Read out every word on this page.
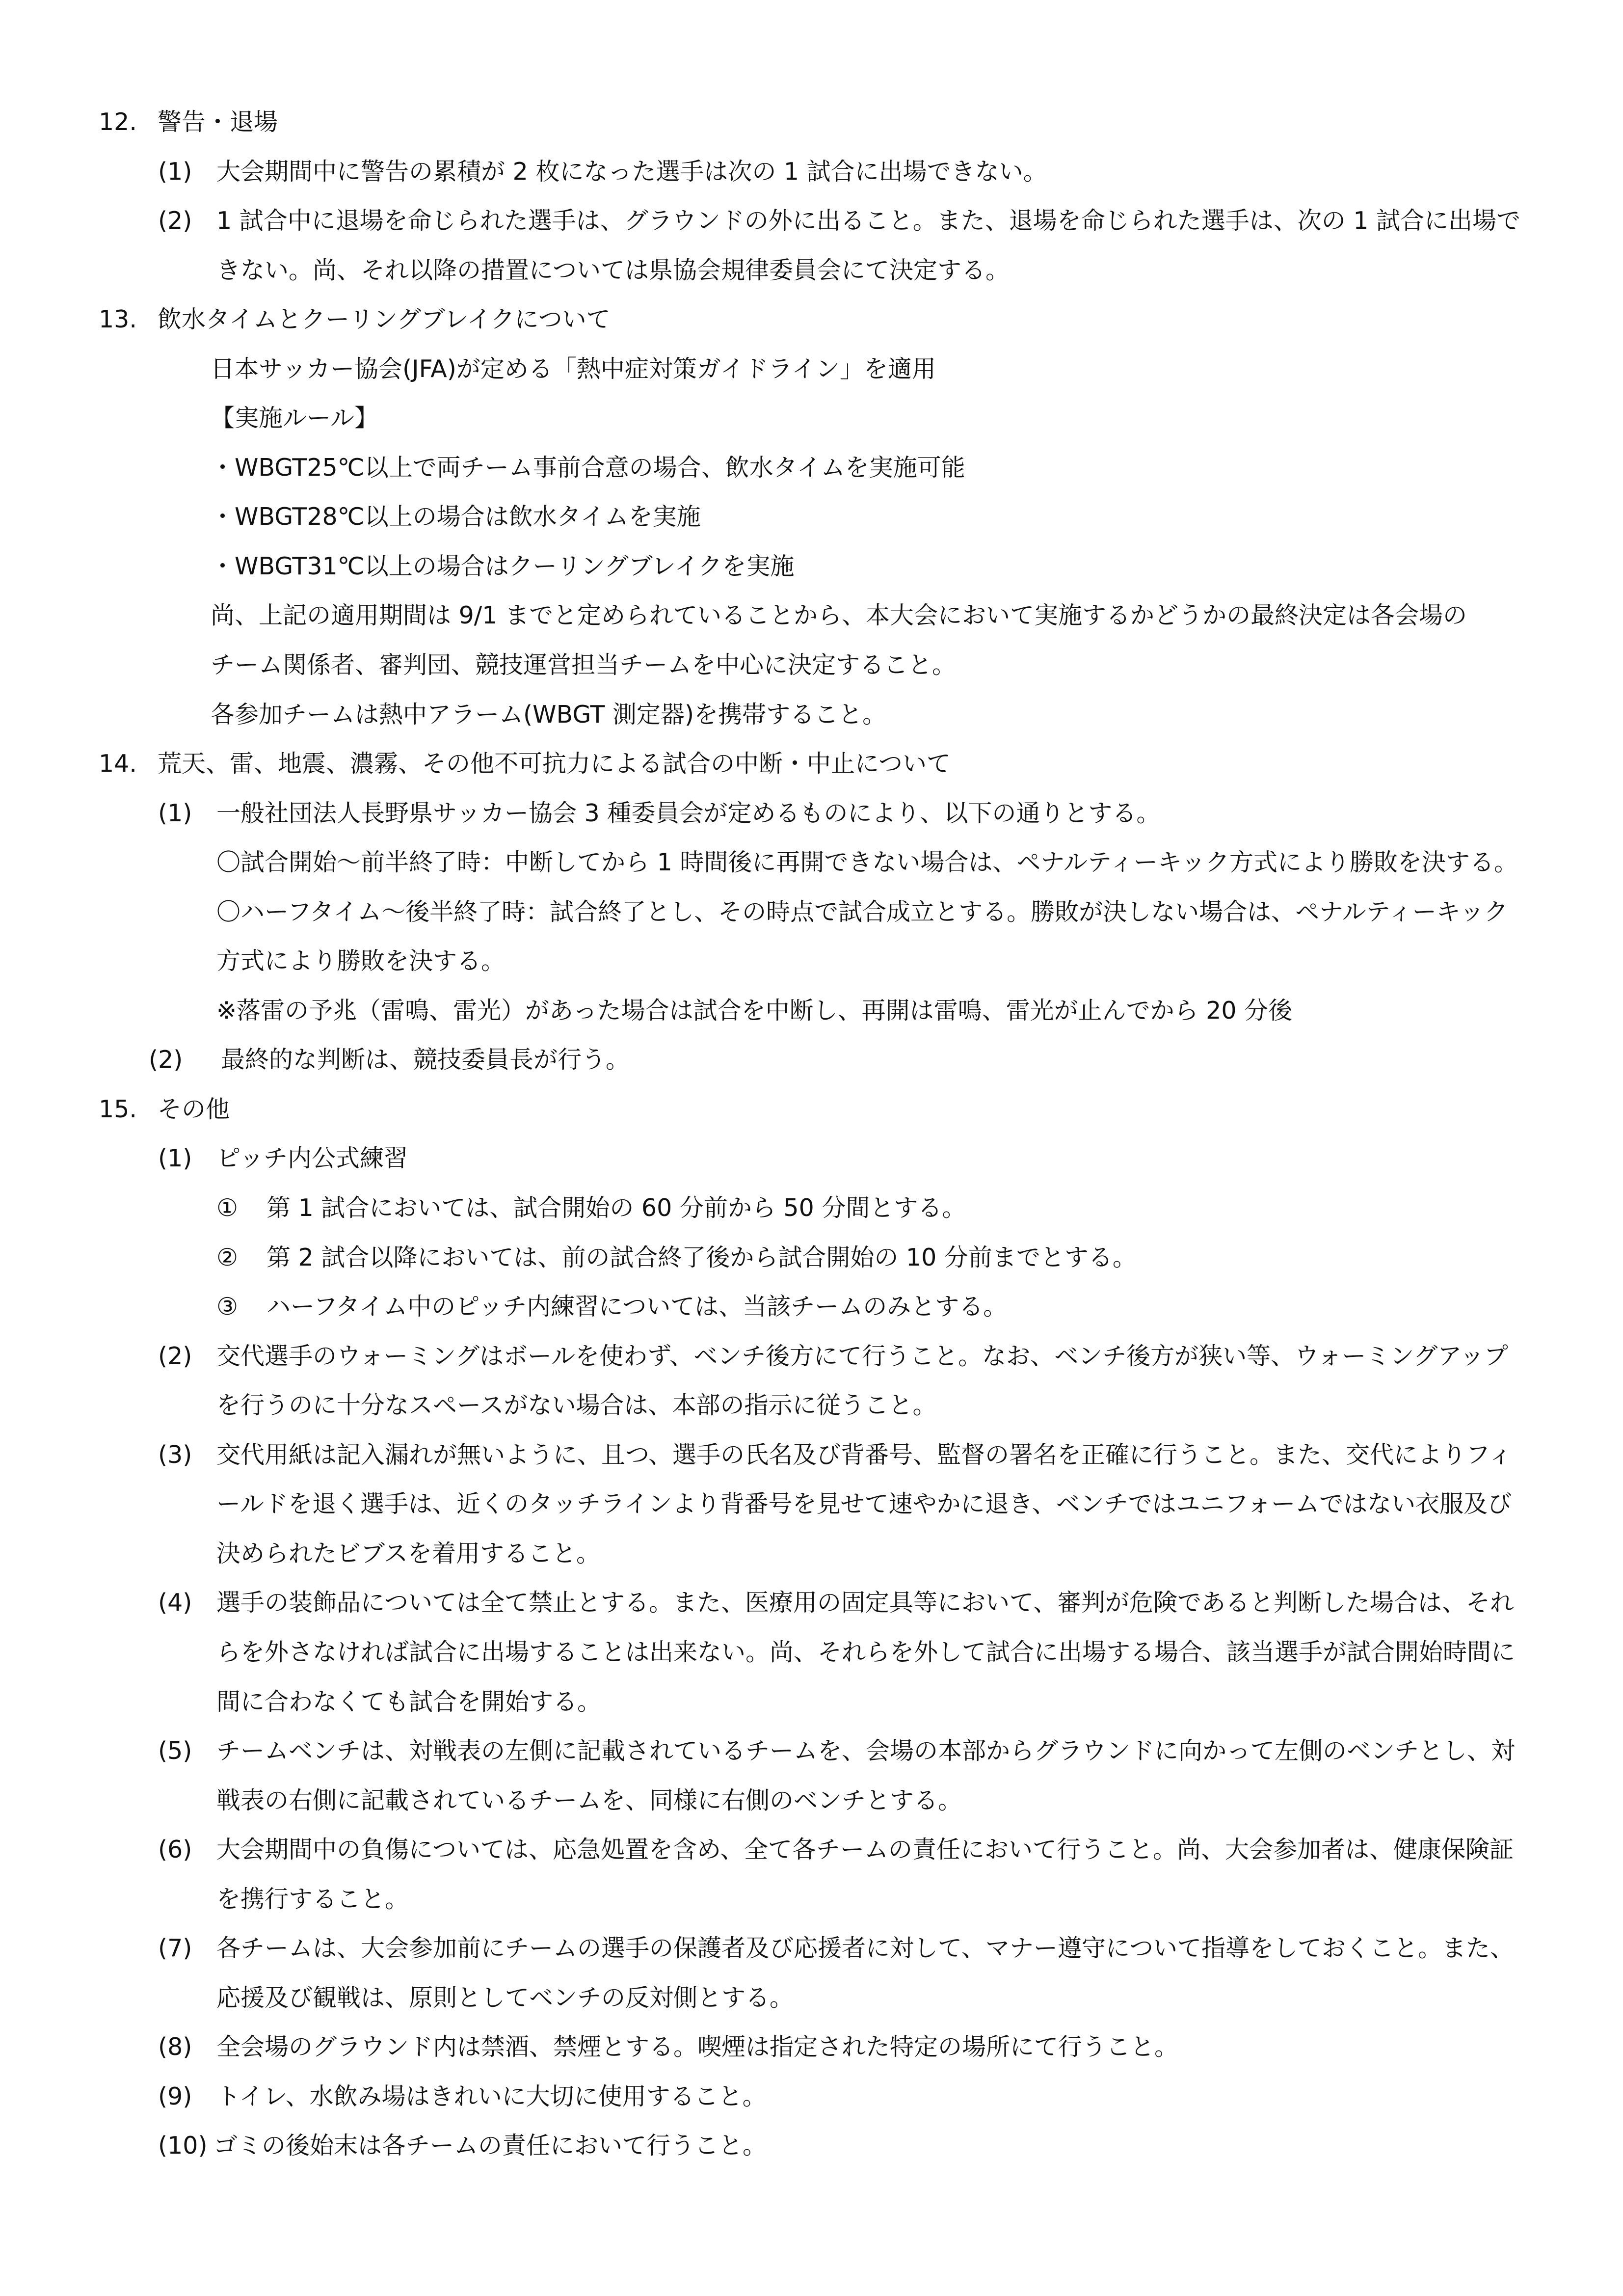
12. 警告・退場
(1) 大会期間中に警告の累積が 2 枚になった選手は次の 1 試合に出場できない。
(2) 1 試合中に退場を命じられた選手は、グラウンドの外に出ること。また、退場を命じられた選手は、次の 1 試合に出場で
きない。尚、それ以降の措置については県協会規律委員会にて決定する。
13. 飲水タイムとクーリングブレイクについて
日本サッカー協会(JFA)が定める「熱中症対策ガイドライン」を適用
【実施ルール】
・WBGT25℃以上で両チーム事前合意の場合、飲水タイムを実施可能
・WBGT28℃以上の場合は飲水タイムを実施
・WBGT31℃以上の場合はクーリングブレイクを実施
尚、上記の適用期間は 9/1 までと定められていることから、本大会において実施するかどうかの最終決定は各会場の
チーム関係者、審判団、競技運営担当チームを中心に決定すること。
各参加チームは熱中アラーム(WBGT 測定器)を携帯すること。
14. 荒天、雷、地震、濃霧、その他不可抗力による試合の中断・中止について
(1) 一般社団法人長野県サッカー協会 3 種委員会が定めるものにより、以下の通りとする。
〇試合開始～前半終了時：中断してから 1 時間後に再開できない場合は、ペナルティーキック方式により勝敗を決する。
〇ハーフタイム～後半終了時：試合終了とし、その時点で試合成立とする。勝敗が決しない場合は、ペナルティーキック
方式により勝敗を決する。
※落雷の予兆（雷鳴、雷光）があった場合は試合を中断し、再開は雷鳴、雷光が止んでから 20 分後
(2) 最終的な判断は、競技委員長が行う。
15. その他
(1) ピッチ内公式練習
① 第 1 試合においては、試合開始の 60 分前から 50 分間とする。
② 第 2 試合以降においては、前の試合終了後から試合開始の 10 分前までとする。
③ ハーフタイム中のピッチ内練習については、当該チームのみとする。
(2) 交代選手のウォーミングはボールを使わず、ベンチ後方にて行うこと。なお、ベンチ後方が狭い等、ウォーミングアップ
を行うのに十分なスペースがない場合は、本部の指示に従うこと。
(3) 交代用紙は記入漏れが無いように、且つ、選手の氏名及び背番号、監督の署名を正確に行うこと。また、交代によりフィ
ールドを退く選手は、近くのタッチラインより背番号を見せて速やかに退き、ベンチではユニフォームではない衣服及び
決められたビブスを着用すること。
(4) 選手の装飾品については全て禁止とする。また、医療用の固定具等において、審判が危険であると判断した場合は、それ
らを外さなければ試合に出場することは出来ない。尚、それらを外して試合に出場する場合、該当選手が試合開始時間に
間に合わなくても試合を開始する。
(5) チームベンチは、対戦表の左側に記載されているチームを、会場の本部からグラウンドに向かって左側のベンチとし、対
戦表の右側に記載されているチームを、同様に右側のベンチとする。
(6) 大会期間中の負傷については、応急処置を含め、全て各チームの責任において行うこと。尚、大会参加者は、健康保険証
を携行すること。
(7) 各チームは、大会参加前にチームの選手の保護者及び応援者に対して、マナー遵守について指導をしておくこと。また、
応援及び観戦は、原則としてベンチの反対側とする。
(8) 全会場のグラウンド内は禁酒、禁煙とする。喫煙は指定された特定の場所にて行うこと。
(9) トイレ、水飲み場はきれいに大切に使用すること。
(10) ゴミの後始末は各チームの責任において行うこと。
